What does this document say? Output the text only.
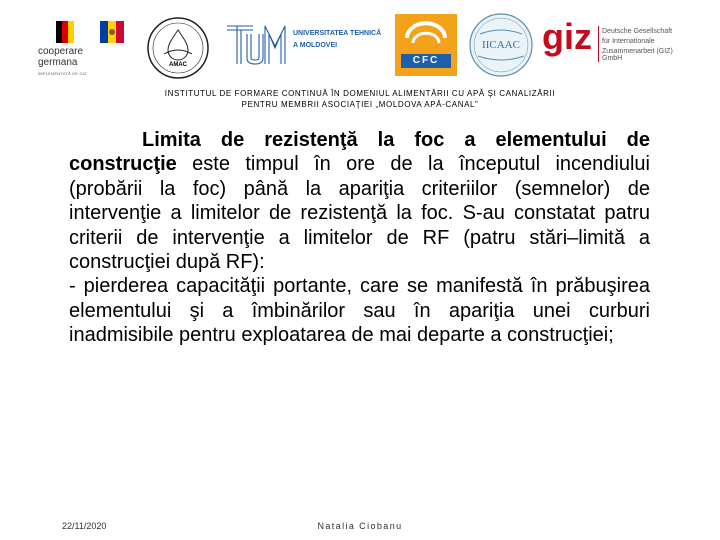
cooperare
germana
IMPLEMENTATĂ DE GIZ
AMAC
UNIVERSITATEA TEHNICĂ
A MOLDOVEI
CFC
IICAAC giz Deutsche Gesellschaft
für Internationale
Zusammenarbeit (GIZ) GmbH
INSTITUTUL DE FORMARE CONTINUĂ ÎN DOMENIUL ALIMENTĂRII CU APĂ ŞI CANALIZĂRII
PENTRU MEMBRII ASOCIAŢIEI „MOLDOVA APĂ-CANAL”

Limita de rezistenţă la foc a elementului de construcţie este timpul în ore de la începutul incendiului (probării la foc) până la apariţia criteriilor (semnelor) de intervenţie a limitelor de rezistenţă la foc. S-au constatat patru criterii de intervenţie a limitelor de RF (patru stări–limită a construcţiei după RF):

- pierderea capacităţii portante, care se manifestă în prăbuşirea elementului şi a îmbinărilor sau în apariţia unei curburi inadmisibile pentru exploatarea de mai departe a construcţiei;

22/11/2020	Natalia Ciobanu
